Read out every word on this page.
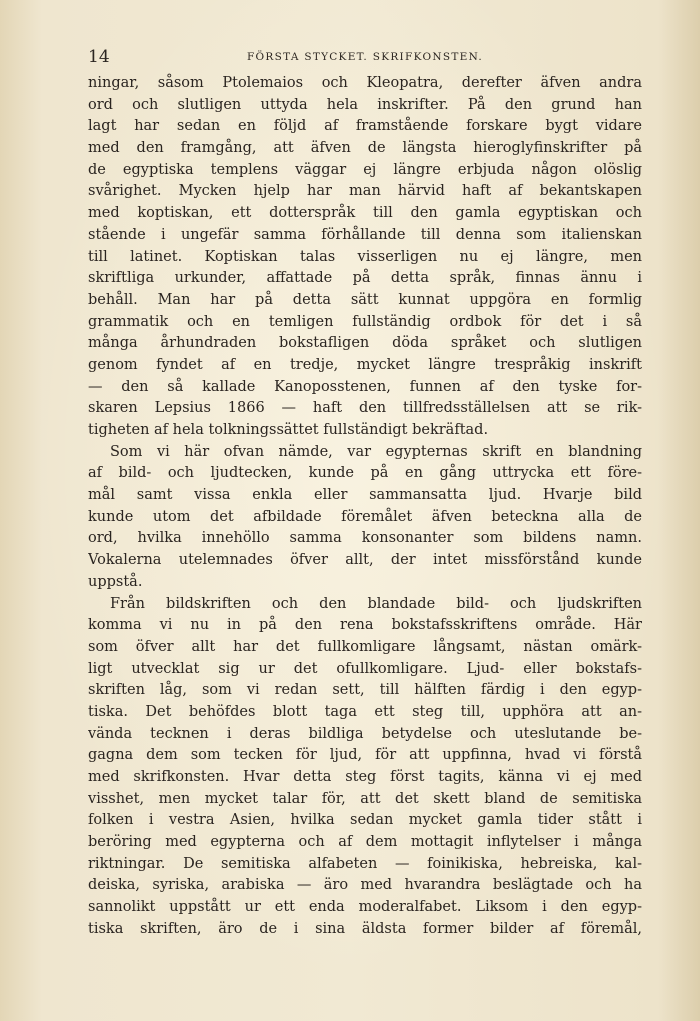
14	FÖRSTA STYCKET. SKRIFKONSTEN.
ningar, såsom Ptolemaios och Kleopatra, derefter äfven andra
ord och slutligen uttyda hela inskrifter. På den grund han
lagt har sedan en följd af framstående forskare bygt vidare
med den framgång, att äfven de längsta hieroglyfinskrifter på
de egyptiska templens väggar ej längre erbjuda någon olöslig
svårighet. Mycken hjelp har man härvid haft af bekantskapen
med koptiskan, ett dotterspråk till den gamla egyptiskan och
stående i ungefär samma förhållande till denna som italienskan
till latinet. Koptiskan talas visserligen nu ej längre, men
skriftliga urkunder, affattade på detta språk, finnas ännu i
behåll. Man har på detta sätt kunnat uppgöra en formlig
grammatik och en temligen fullständig ordbok för det i så
många århundraden bokstafligen döda språket och slutligen
genom fyndet af en tredje, mycket längre trespråkig inskrift
— den så kallade Kanoposstenen, funnen af den tyske for-
skaren Lepsius 1866 — haft den tillfredsställelsen att se rik-
tigheten af hela tolkningssättet fullständigt bekräftad.
Som vi här ofvan nämde, var egypternas skrift en blandning
af bild- och ljudtecken, kunde på en gång uttrycka ett före-
mål samt vissa enkla eller sammansatta ljud. Hvarje bild
kunde utom det afbildade föremålet äfven beteckna alla de
ord, hvilka innehöllo samma konsonanter som bildens namn.
Vokalerna utelemnades öfver allt, der intet missförstånd kunde
uppstå.
Från bildskriften och den blandade bild- och ljudskriften
komma vi nu in på den rena bokstafsskriftens område. Här
som öfver allt har det fullkomligare långsamt, nästan omärk-
ligt utvecklat sig ur det ofullkomligare. Ljud- eller bokstafs-
skriften låg, som vi redan sett, till hälften färdig i den egyp-
tiska. Det behöfdes blott taga ett steg till, upphöra att an-
vända tecknen i deras bildliga betydelse och uteslutande be-
gagna dem som tecken för ljud, för att uppfinna, hvad vi förstå
med skrifkonsten. Hvar detta steg först tagits, känna vi ej med
visshet, men mycket talar för, att det skett bland de semitiska
folken i vestra Asien, hvilka sedan mycket gamla tider stått i
beröring med egypterna och af dem mottagit inflytelser i många
riktningar. De semitiska alfabeten — foinikiska, hebreiska, kal-
deiska, syriska, arabiska — äro med hvarandra beslägtade och ha
sannolikt uppstått ur ett enda moderalfabet. Liksom i den egyp-
tiska skriften, äro de i sina äldsta former bilder af föremål,
